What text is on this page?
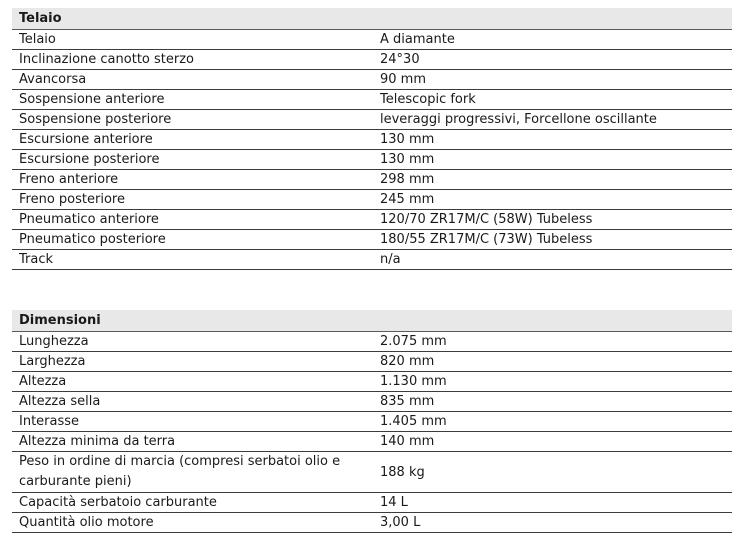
Telaio	
Telaio	A diamante
Inclinazione canotto sterzo	24°30
Avancorsa	90 mm
Sospensione anteriore	Telescopic fork
Sospensione posteriore	leveraggi progressivi, Forcellone oscillante
Escursione anteriore	130 mm
Escursione posteriore	130 mm
Freno anteriore	298 mm
Freno posteriore	245 mm
Pneumatico anteriore	120/70 ZR17M/C (58W) Tubeless
Pneumatico posteriore	180/55 ZR17M/C (73W) Tubeless
Track	n/a
Dimensioni	
Lunghezza	2.075 mm
Larghezza	820 mm
Altezza	1.130 mm
Altezza sella	835 mm
Interasse	1.405 mm
Altezza minima da terra	140 mm
Peso in ordine di marcia (compresi serbatoi olio e carburante pieni)	188 kg
Capacità serbatoio carburante	14 L
Quantità olio motore	3,00 L
